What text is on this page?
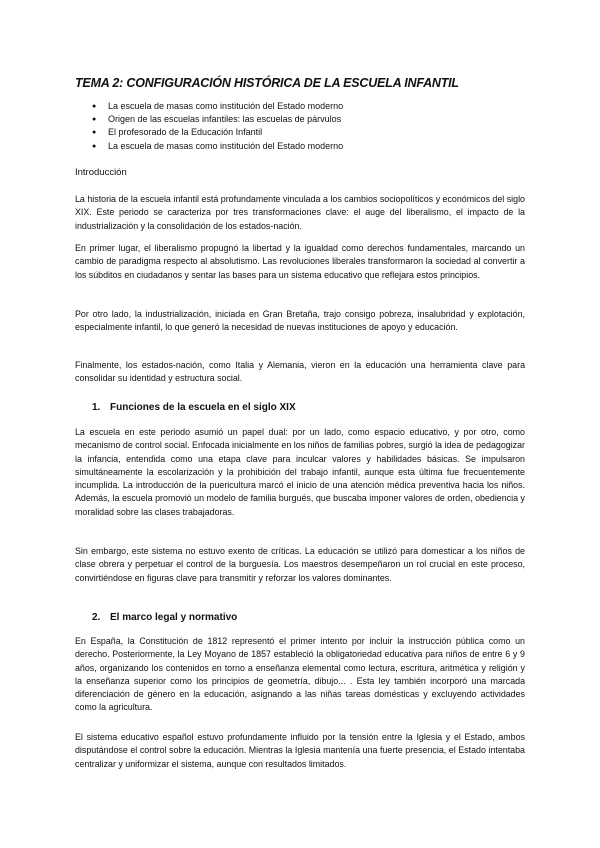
TEMA 2: CONFIGURACIÓN HISTÓRICA DE LA ESCUELA INFANTIL
● La escuela de masas como institución del Estado moderno
● Origen de las escuelas infantiles: las escuelas de párvulos
● El profesorado de la Educación Infantil
● La escuela de masas como institución del Estado moderno
Introducción

La historia de la escuela infantil está profundamente vinculada a los cambios sociopolíticos y económicos del siglo XIX. Este periodo se caracteriza por tres transformaciones clave: el auge del liberalismo, el impacto de la industrialización y la consolidación de los estados-nación.

En primer lugar, el liberalismo propugnó la libertad y la igualdad como derechos fundamentales, marcando un cambio de paradigma respecto al absolutismo. Las revoluciones liberales transformaron la sociedad al convertir a los súbditos en ciudadanos y sentar las bases para un sistema educativo que reflejara estos principios.

Por otro lado, la industrialización, iniciada en Gran Bretaña, trajo consigo pobreza, insalubridad y explotación, especialmente infantil, lo que generó la necesidad de nuevas instituciones de apoyo y educación.

Finalmente, los estados-nación, como Italia y Alemania, vieron en la educación una herramienta clave para consolidar su identidad y estructura social.

1. Funciones de la escuela en el siglo XIX

La escuela en este periodo asumió un papel dual: por un lado, como espacio educativo, y por otro, como mecanismo de control social. Enfocada inicialmente en los niños de familias pobres, surgió la idea de pedagogizar la infancia, entendida como una etapa clave para inculcar valores y habilidades básicas. Se impulsaron simultáneamente la escolarización y la prohibición del trabajo infantil, aunque esta última fue frecuentemente incumplida. La introducción de la puericultura marcó el inicio de una atención médica preventiva hacia los niños. Además, la escuela promovió un modelo de familia burgués, que buscaba imponer valores de orden, obediencia y moralidad sobre las clases trabajadoras.

Sin embargo, este sistema no estuvo exento de críticas. La educación se utilizó para domesticar a los niños de clase obrera y perpetuar el control de la burguesía. Los maestros desempeñaron un rol crucial en este proceso, convirtiéndose en figuras clave para transmitir y reforzar los valores dominantes.

2. El marco legal y normativo

En España, la Constitución de 1812 representó el primer intento por incluir la instrucción pública como un derecho. Posteriormente, la Ley Moyano de 1857 estableció la obligatoriedad educativa para niños de entre 6 y 9 años, organizando los contenidos en torno a enseñanza elemental como lectura, escritura, aritmética y religión y la enseñanza superior como los principios de geometría, dibujo... . Esta ley también incorporó una marcada diferenciación de género en la educación, asignando a las niñas tareas domésticas y excluyendo actividades como la agricultura.

El sistema educativo español estuvo profundamente influido por la tensión entre la Iglesia y el Estado, ambos disputándose el control sobre la educación. Mientras la Iglesia mantenía una fuerte presencia, el Estado intentaba centralizar y uniformizar el sistema, aunque con resultados limitados.
